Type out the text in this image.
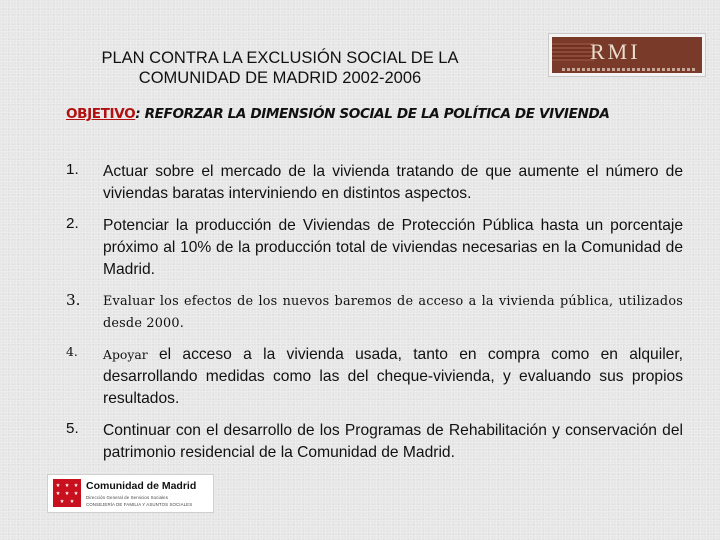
PLAN CONTRA LA EXCLUSIÓN SOCIAL DE LA
COMUNIDAD DE MADRID 2002-2006
RMI
OBJETIVO: REFORZAR LA DIMENSIÓN SOCIAL DE LA POLÍTICA DE VIVIENDA
1. Actuar sobre el mercado de la vivienda tratando de que aumente el número de viviendas baratas interviniendo en distintos aspectos.
2. Potenciar la producción de Viviendas de Protección Pública hasta un porcentaje próximo al 10% de la producción total de viviendas necesarias en la Comunidad de Madrid.
3. Evaluar los efectos de los nuevos baremos de acceso a la vivienda pública, utilizados desde 2000.
4. Apoyar el acceso a la vivienda usada, tanto en compra como en alquiler, desarrollando medidas como las del cheque-vivienda, y evaluando sus propios resultados.
5. Continuar con el desarrollo de los Programas de Rehabilitación y conservación del patrimonio residencial de la Comunidad de Madrid.
Comunidad de Madrid
Dirección General de Servicios Sociales
CONSEJERÍA DE FAMILIA Y ASUNTOS SOCIALES
